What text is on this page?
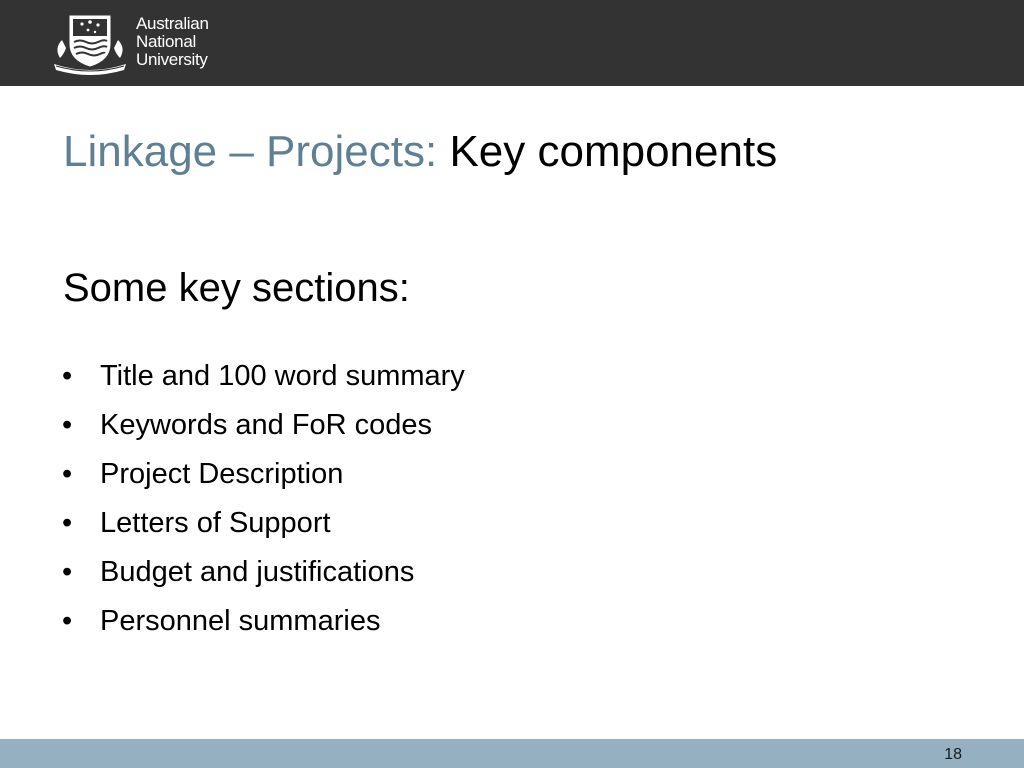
Australian
National
University
Linkage – Projects: Key components
Some key sections:
• Title and 100 word summary
• Keywords and FoR codes
• Project Description
• Letters of Support
• Budget and justifications
• Personnel summaries
18
